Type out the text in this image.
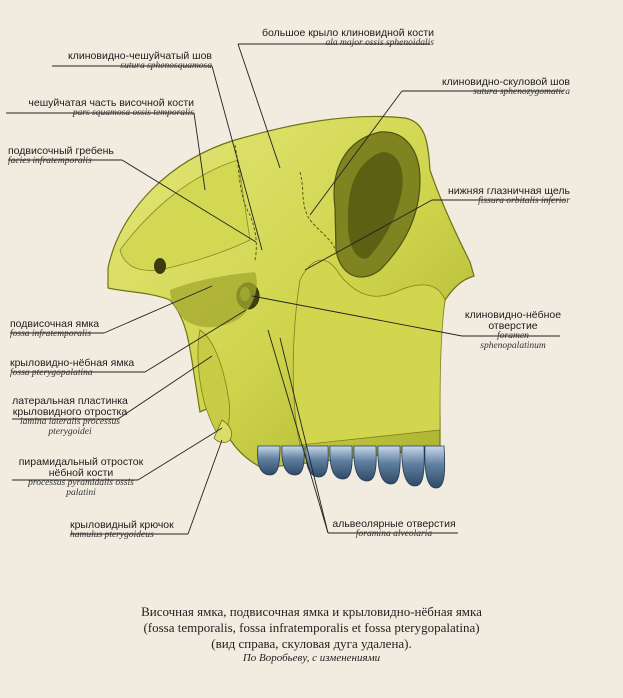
большое крыло клиновидной кости
ala major ossis sphenoidalis
клиновидно-чешуйчатый шов
sutura sphenosquamosa
клиновидно-скуловой шов
sutura sphenozygomatica
чешуйчатая часть височной кости
pars squamosa ossis temporalis
подвисочный гребень
facies infratemporalis
нижняя глазничная щель
fissura orbitalis inferior
подвисочная ямка
fossa infratemporalis
клиновидно-нёбное
отверстие
foramen
sphenopalatinum
крыловидно-нёбная ямка
fossa pterygopalatina
латеральная пластинка
крыловидного отростка
lamina lateralis processus
pterygoidei
пирамидальный отросток
нёбной кости
processus pyramidalis ossis
palatini
крыловидный крючок
hamulus pterygoideus
альвеолярные отверстия
foramina alveolaria
Височная ямка, подвисочная ямка и крыловидно-нёбная ямка
(fossa temporalis, fossa infratemporalis et fossa pterygopalatina)
(вид справа, скуловая дуга удалена).
По Воробьеву, с изменениями
